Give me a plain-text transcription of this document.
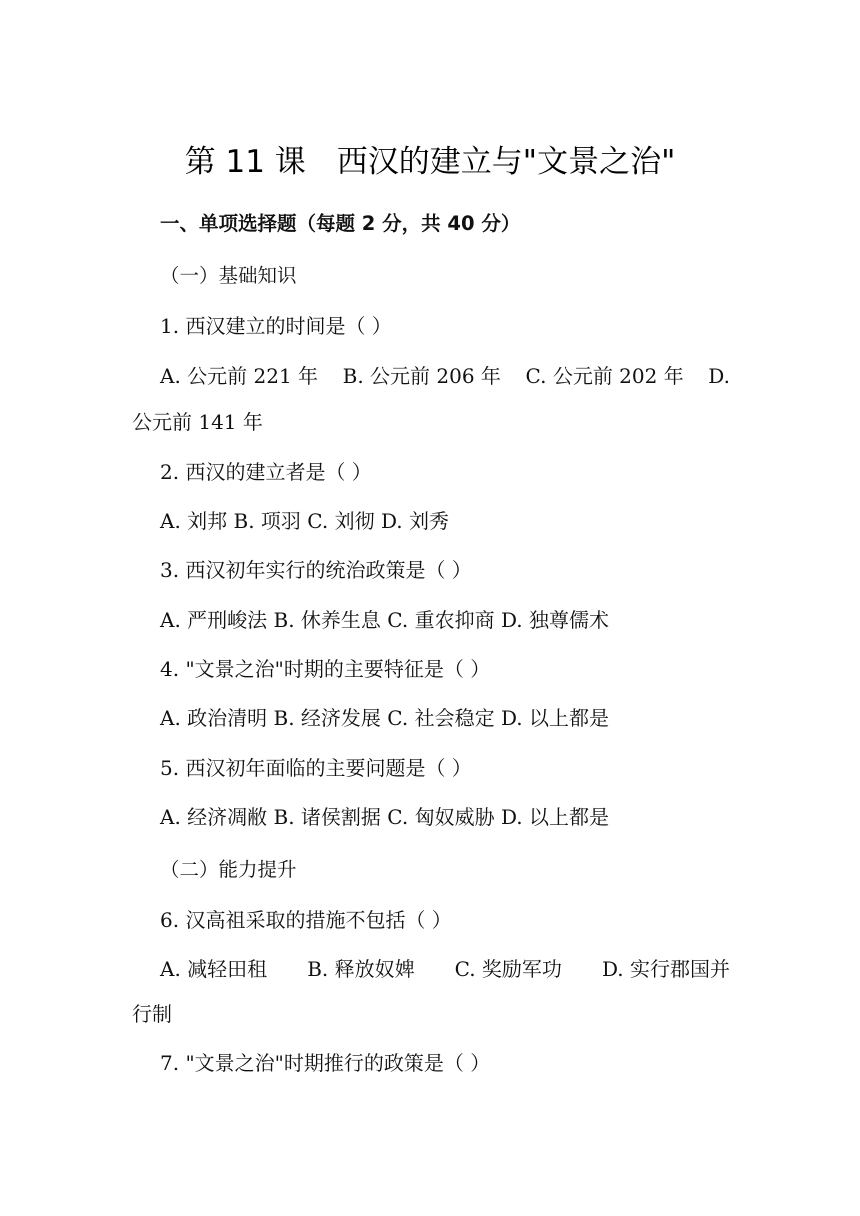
第 11 课　西汉的建立与"文景之治"
一、单项选择题（每题 2 分，共 40 分）
（一）基础知识
1. 西汉建立的时间是（ ）
A. 公元前 221 年 B. 公元前 206 年 C. 公元前 202 年 D.
公元前 141 年
2. 西汉的建立者是（ ）
A. 刘邦 B. 项羽 C. 刘彻 D. 刘秀
3. 西汉初年实行的统治政策是（ ）
A. 严刑峻法 B. 休养生息 C. 重农抑商 D. 独尊儒术
4. "文景之治"时期的主要特征是（ ）
A. 政治清明 B. 经济发展 C. 社会稳定 D. 以上都是
5. 西汉初年面临的主要问题是（ ）
A. 经济凋敝 B. 诸侯割据 C. 匈奴威胁 D. 以上都是
（二）能力提升
6. 汉高祖采取的措施不包括（ ）
A. 减轻田租 B. 释放奴婢 C. 奖励军功 D. 实行郡国并
行制
7. "文景之治"时期推行的政策是（ ）
